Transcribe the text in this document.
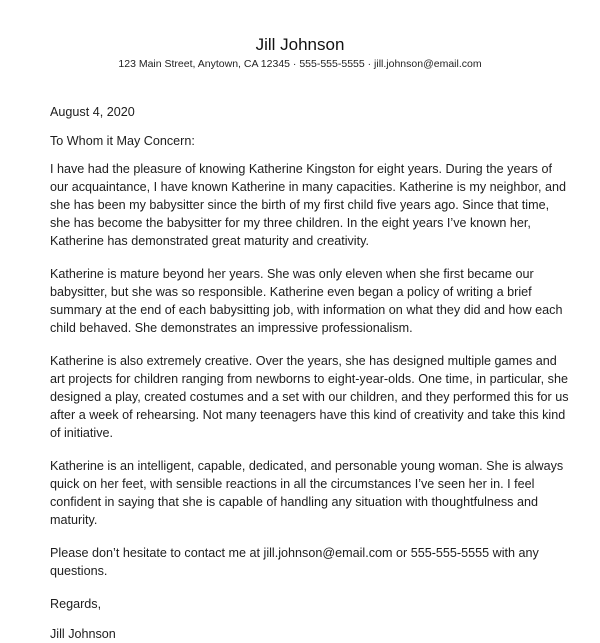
Jill Johnson
123 Main Street, Anytown, CA 12345 · 555-555-5555 · jill.johnson@email.com

August 4, 2020

To Whom it May Concern:

I have had the pleasure of knowing Katherine Kingston for eight years. During the years of our acquaintance, I have known Katherine in many capacities. Katherine is my neighbor, and she has been my babysitter since the birth of my first child five years ago. Since that time, she has become the babysitter for my three children. In the eight years I’ve known her, Katherine has demonstrated great maturity and creativity.

Katherine is mature beyond her years. She was only eleven when she first became our babysitter, but she was so responsible. Katherine even began a policy of writing a brief summary at the end of each babysitting job, with information on what they did and how each child behaved. She demonstrates an impressive professionalism.

Katherine is also extremely creative. Over the years, she has designed multiple games and art projects for children ranging from newborns to eight-year-olds. One time, in particular, she designed a play, created costumes and a set with our children, and they performed this for us after a week of rehearsing. Not many teenagers have this kind of creativity and take this kind of initiative.

Katherine is an intelligent, capable, dedicated, and personable young woman. She is always quick on her feet, with sensible reactions in all the circumstances I’ve seen her in. I feel confident in saying that she is capable of handling any situation with thoughtfulness and maturity.

Please don’t hesitate to contact me at jill.johnson@email.com or 555-555-5555 with any questions.

Regards,

Jill Johnson
